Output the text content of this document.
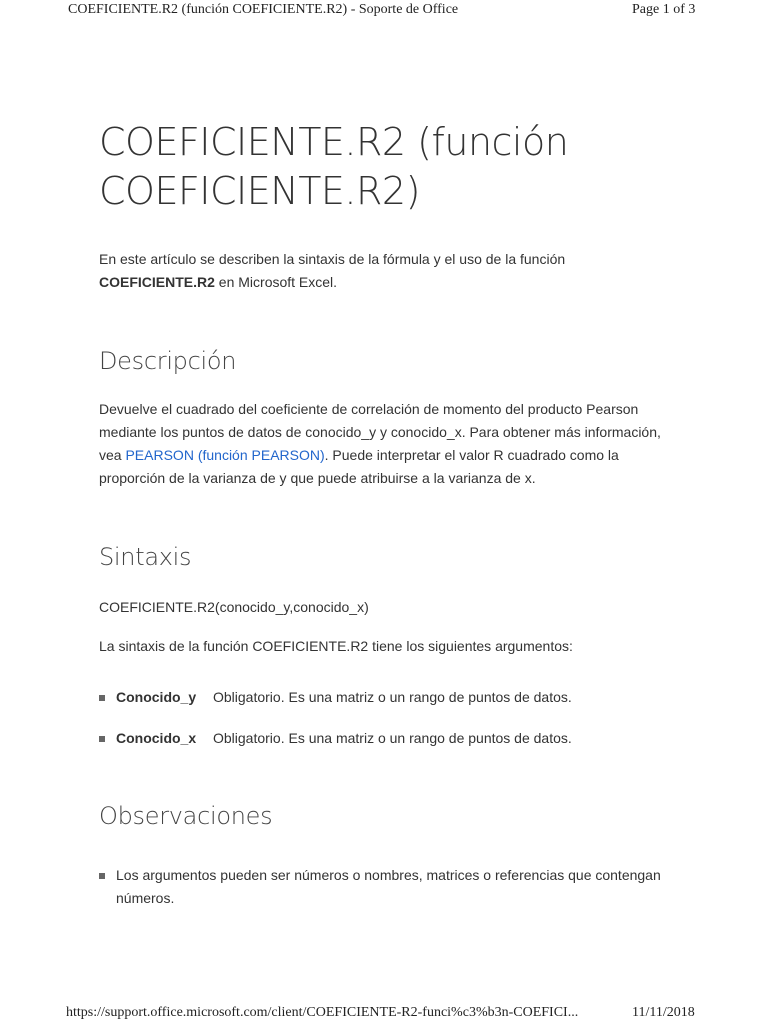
COEFICIENTE.R2 (función COEFICIENTE.R2) - Soporte de Office	Page 1 of 3
COEFICIENTE.R2 (función COEFICIENTE.R2)

En este artículo se describen la sintaxis de la fórmula y el uso de la función COEFICIENTE.R2 en Microsoft Excel.

Descripción

Devuelve el cuadrado del coeficiente de correlación de momento del producto Pearson mediante los puntos de datos de conocido_y y conocido_x. Para obtener más información, vea PEARSON (función PEARSON). Puede interpretar el valor R cuadrado como la proporción de la varianza de y que puede atribuirse a la varianza de x.

Sintaxis

COEFICIENTE.R2(conocido_y,conocido_x)

La sintaxis de la función COEFICIENTE.R2 tiene los siguientes argumentos:

Conocido_y Obligatorio. Es una matriz o un rango de puntos de datos.
Conocido_x Obligatorio. Es una matriz o un rango de puntos de datos.
Observaciones
Los argumentos pueden ser números o nombres, matrices o referencias que contengan números.
https://support.office.microsoft.com/client/COEFICIENTE-R2-funci%c3%b3n-COEFICI...	11/11/2018
